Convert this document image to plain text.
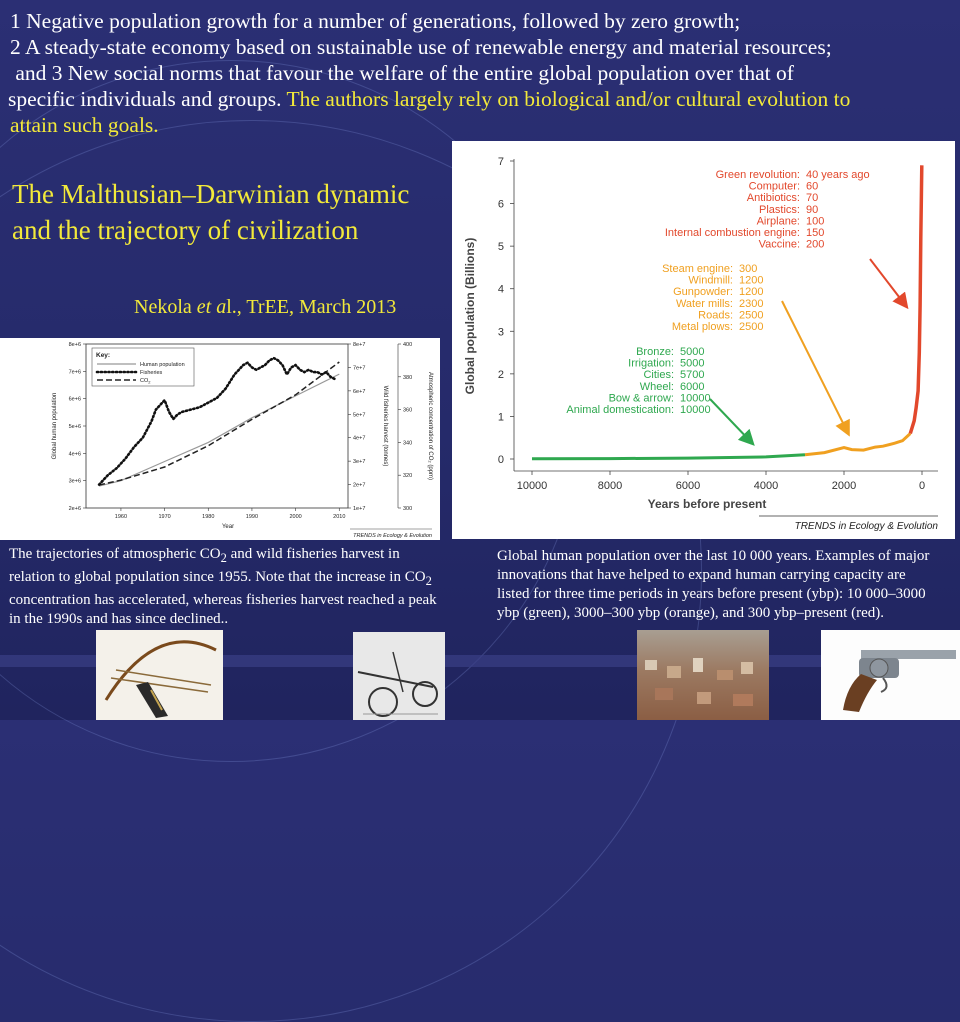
1 Negative population growth for a number of generations, followed by zero growth;
2 A steady-state economy based on sustainable use of renewable energy and material resources;
and 3 New social norms that favour the welfare of the entire global population over that of
specific individuals and groups. The authors largely rely on biological and/or cultural evolution to
attain such goals.

The Malthusian–Darwinian dynamic and the trajectory of civilization

Nekola et al., TrEE, March 2013

8e+6
7e+6
6e+6
5e+6
4e+6
3e+6
2e+6
8e+7
7e+7
6e+7
5e+7
4e+7
3e+7
2e+7
1e+7
400
380
360
340
320
300
1960	1970	1980	1990	2000	2010
Key:
Human population
Fisheries
$CO_2$
Global human population	Wild fisheries harvest (tonnes)	Atmospheric concentration of CO₂ (ppm)
Year
TRENDS in Ecology & Evolution
7
6
5
4
3
2
1
0
10000	8000	6000	4000	2000	0
Green revolution: 40 years ago
Computer: 60
Antibiotics: 70
Plastics: 90
Airplane: 100
Internal combustion engine: 150
Vaccine: 200
Steam engine: 300
Windmill: 1200
Gunpowder: 1200
Water mills: 2300
Roads: 2500
Metal plows: 2500
Bronze: 5000
Irrigation: 5000
Cities: 5700
Wheel: 6000
Bow & arrow: 10000
Animal domestication: 10000
Global population (Billions)
Years before present
TRENDS in Ecology & Evolution

The trajectories of atmospheric $CO_2$ and wild fisheries harvest in relation to global population since 1955. Note that the increase in $CO_2$ concentration has accelerated, whereas fisheries harvest reached a peak in the 1990s and has since declined..

Global human population over the last 10 000 years. Examples of major innovations that have helped to expand human carrying capacity are listed for three time periods in years before present (ybp): 10 000–3000 ybp (green), 3000–300 ybp (orange), and 300 ybp–present (red).
